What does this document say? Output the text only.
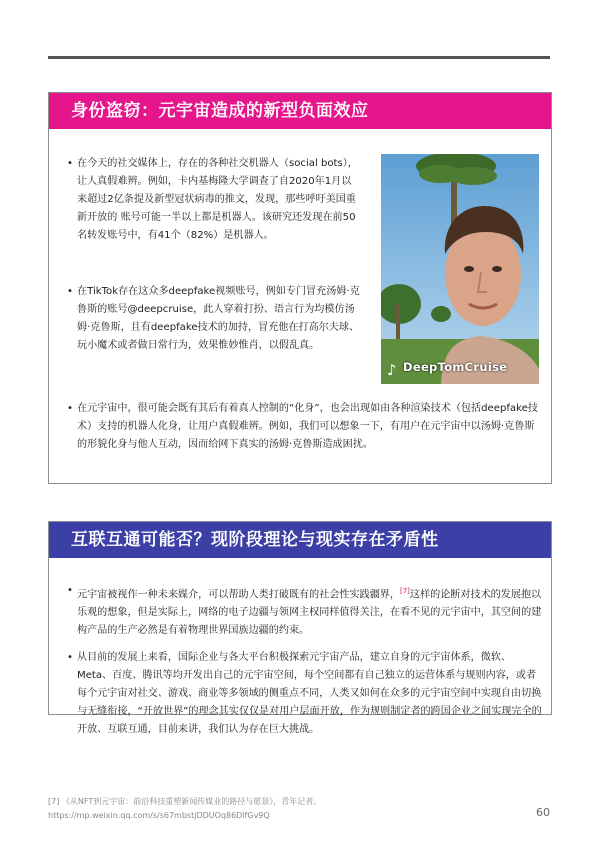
身份盗窃：元宇宙造成的新型负面效应
• 在今天的社交媒体上，存在的各种社交机器人（social bots），让人真假难辨。例如，卡内基梅隆大学调查了自2020年1月以来超过2亿条提及新型冠状病毒的推文，发现，那些呼吁美国重新开放的 账号可能一半以上都是机器人。该研究还发现在前50名转发账号中，有41个（82%）是机器人。
• 在TikTok存在这众多deepfake视频账号，例如专门冒充汤姆·克鲁斯的账号@deepcruise，此人穿着打扮、语言行为均模仿汤姆·克鲁斯，且有deepfake技术的加持，冒充他在打高尔夫球、玩小魔术或者做日常行为，效果惟妙惟肖，以假乱真。
♪ DeepTomCruise
• 在元宇宙中，很可能会既有其后有着真人控制的“化身”，也会出现如由各种渲染技术（包括deepfake技术）支持的机器人化身，让用户真假难辨。例如，我们可以想象一下，有用户在元宇宙中以汤姆·克鲁斯的形貌化身与他人互动，因而给网下真实的汤姆·克鲁斯造成困扰。
互联互通可能否？现阶段理论与现实存在矛盾性
• 元宇宙被视作一种未来媒介，可以帮助人类打破既有的社会性实践疆界，[7]这样的论断对技术的发展抱以乐观的想象，但是实际上，网络的电子边疆与领网主权同样值得关注，在看不见的元宇宙中，其空间的建构产品的生产必然是有着物理世界国族边疆的约束。
• 从目前的发展上来看，国际企业与各大平台积极探索元宇宙产品，建立自身的元宇宙体系，微软、Meta、百度、腾讯等均开发出自己的元宇宙空间，每个空间都有自己独立的运营体系与规则内容，或者每个元宇宙对社交、游戏、商业等多领域的侧重点不同，人类又如何在众多的元宇宙空间中实现自由切换与无缝衔接，“开放世界”的理念其实仅仅是对用户层面开放，作为规则制定者的跨国企业之间实现完全的开放、互联互通，目前来讲，我们认为存在巨大挑战。
[7] 《从NFT到元宇宙：前沿科技重塑新闻传媒业的路径与愿景》，青年记者。
https://mp.weixin.qq.com/s/s67mbstjDDUOq86DlfGv9Q	60
